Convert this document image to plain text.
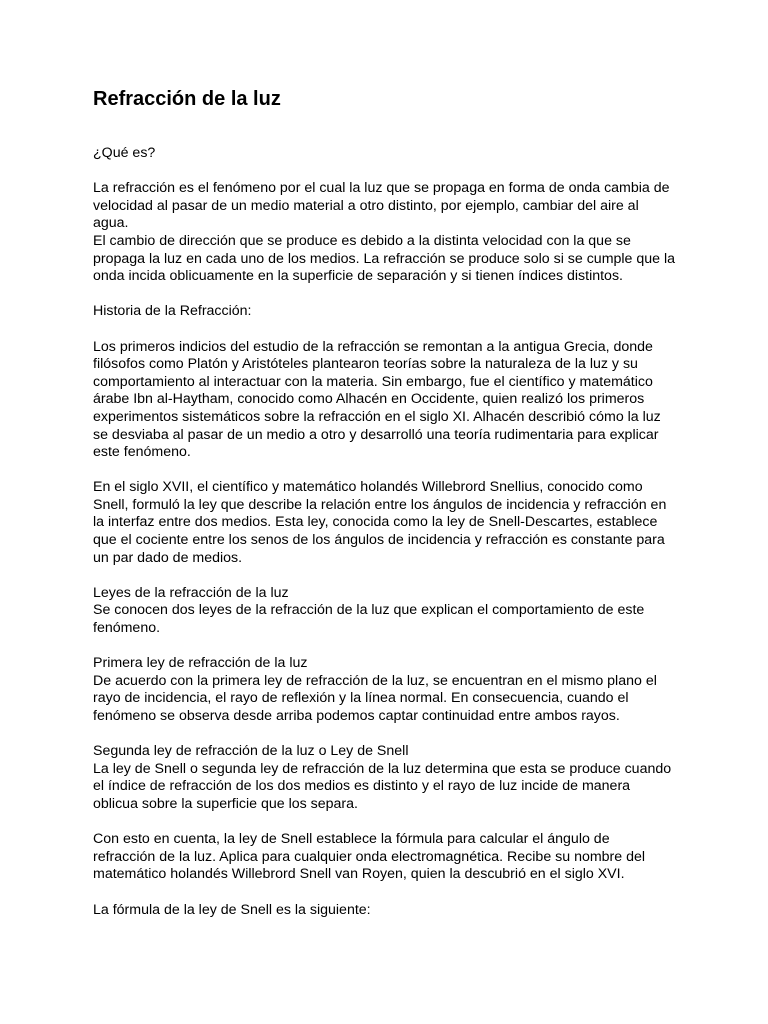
Refracción de la luz

¿Qué es?

La refracción es el fenómeno por el cual la luz que se propaga en forma de onda cambia de
velocidad al pasar de un medio material a otro distinto, por ejemplo, cambiar del aire al
agua.
El cambio de dirección que se produce es debido a la distinta velocidad con la que se
propaga la luz en cada uno de los medios. La refracción se produce solo si se cumple que la
onda incida oblicuamente en la superficie de separación y si tienen índices distintos.

Historia de la Refracción:

Los primeros indicios del estudio de la refracción se remontan a la antigua Grecia, donde
filósofos como Platón y Aristóteles plantearon teorías sobre la naturaleza de la luz y su
comportamiento al interactuar con la materia. Sin embargo, fue el científico y matemático
árabe Ibn al-Haytham, conocido como Alhacén en Occidente, quien realizó los primeros
experimentos sistemáticos sobre la refracción en el siglo XI. Alhacén describió cómo la luz
se desviaba al pasar de un medio a otro y desarrolló una teoría rudimentaria para explicar
este fenómeno.

En el siglo XVII, el científico y matemático holandés Willebrord Snellius, conocido como
Snell, formuló la ley que describe la relación entre los ángulos de incidencia y refracción en
la interfaz entre dos medios. Esta ley, conocida como la ley de Snell-Descartes, establece
que el cociente entre los senos de los ángulos de incidencia y refracción es constante para
un par dado de medios.

Leyes de la refracción de la luz
Se conocen dos leyes de la refracción de la luz que explican el comportamiento de este
fenómeno.

Primera ley de refracción de la luz
De acuerdo con la primera ley de refracción de la luz, se encuentran en el mismo plano el
rayo de incidencia, el rayo de reflexión y la línea normal. En consecuencia, cuando el
fenómeno se observa desde arriba podemos captar continuidad entre ambos rayos.

Segunda ley de refracción de la luz o Ley de Snell
La ley de Snell o segunda ley de refracción de la luz determina que esta se produce cuando
el índice de refracción de los dos medios es distinto y el rayo de luz incide de manera
oblicua sobre la superficie que los separa.

Con esto en cuenta, la ley de Snell establece la fórmula para calcular el ángulo de
refracción de la luz. Aplica para cualquier onda electromagnética. Recibe su nombre del
matemático holandés Willebrord Snell van Royen, quien la descubrió en el siglo XVI.

La fórmula de la ley de Snell es la siguiente:
